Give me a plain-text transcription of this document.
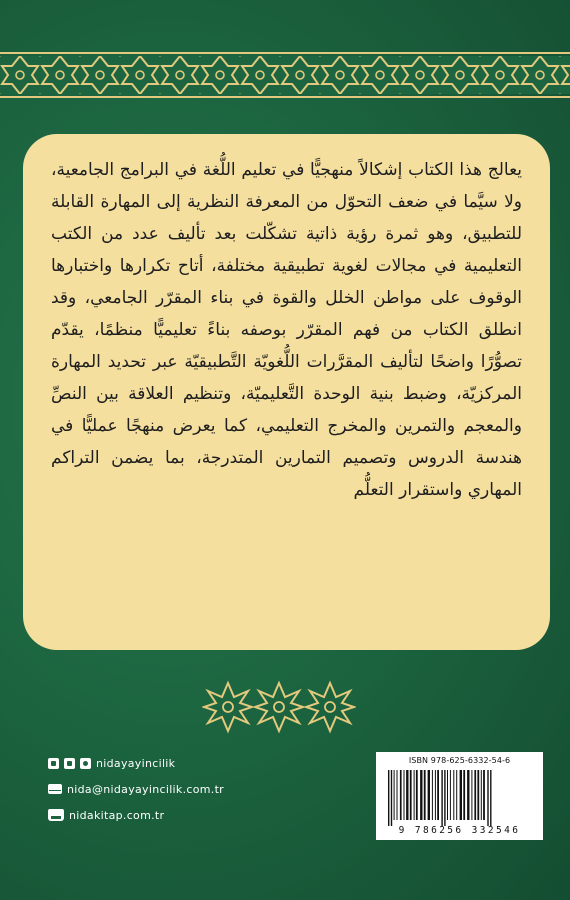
يعالج هذا الكتاب إشكالاً منهجيًّا في تعليم اللُّغة في البرامج الجامعية، ولا سيَّما في ضعف التحوّل من المعرفة النظرية إلى المهارة القابلة للتطبيق، وهو ثمرة رؤية ذاتية تشكّلت بعد تأليف عدد من الكتب التعليمية في مجالات لغوية تطبيقية مختلفة، أتاح تكرارها واختبارها الوقوف على مواطن الخلل والقوة في بناء المقرّر الجامعي، وقد انطلق الكتاب من فهم المقرّر بوصفه بناءً تعليميًّا منظمًا، يقدّم تصوُّرًا واضحًا لتأليف المقرَّرات اللُّغويّة التَّطبيقيّة عبر تحديد المهارة المركزيّة، وضبط بنية الوحدة التَّعليميّة، وتنظيم العلاقة بين النصِّ والمعجم والتمرين والمخرج التعليمي، كما يعرض منهجًا عمليًّا في هندسة الدروس وتصميم التمارين المتدرجة، بما يضمن التراكم المهاري واستقرار التعلُّم

nidayayincilik
nida@nidayayincilik.com.tr
nidakitap.com.tr
ISBN 978-625-6332-54-6
9 786256 332546
